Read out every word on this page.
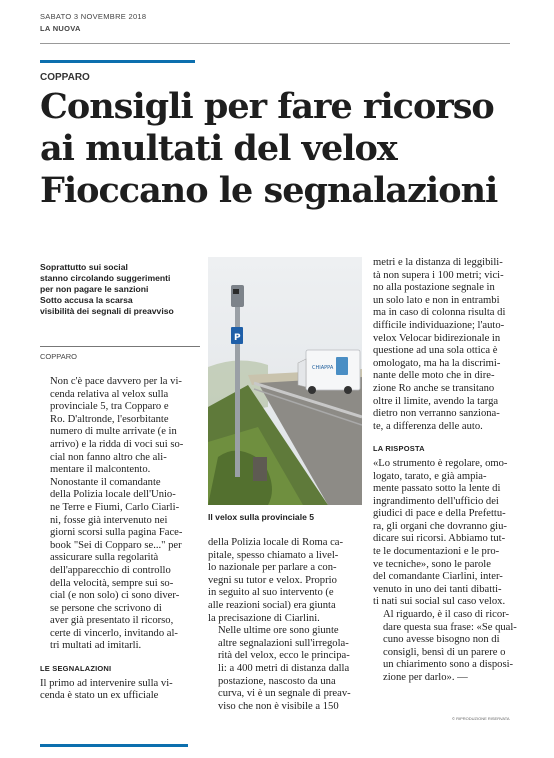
SABATO 3 NOVEMBRE 2018
LA NUOVA
COPPARO
Consigli per fare ricorso
ai multati del velox
Fioccano le segnalazioni
Soprattutto sui social
stanno circolando suggerimenti
per non pagare le sanzioni
Sotto accusa la scarsa
visibilità dei segnali di preavviso
COPPARO

Non c'è pace davvero per la vi-
cenda relativa al velox sulla
provinciale 5, tra Copparo e
Ro. D'altronde, l'esorbitante
numero di multe arrivate (e in
arrivo) e la ridda di voci sui so-
cial non fanno altro che ali-
mentare il malcontento.

Nonostante il comandante
della Polizia locale dell'Unio-
ne Terre e Fiumi, Carlo Ciarli-
ni, fosse già intervenuto nei
giorni scorsi sulla pagina Face-
book "Sei di Copparo se..." per
assicurare sulla regolarità
dell'apparecchio di controllo
della velocità, sempre sui so-
cial (e non solo) ci sono diver-
se persone che scrivono di
aver già presentato il ricorso,
certe di vincerlo, invitando al-
tri multati ad imitarli.

LE SEGNALAZIONI

Il primo ad intervenire sulla vi-
cenda è stato un ex ufficiale

CHIAPPA
P
Il velox sulla provinciale 5

della Polizia locale di Roma ca-
pitale, spesso chiamato a livel-
lo nazionale per parlare a con-
vegni su tutor e velox. Proprio
in seguito al suo intervento (e
alle reazioni social) era giunta
la precisazione di Ciarlini.

Nelle ultime ore sono giunte
altre segnalazioni sull'irregola-
rità del velox, ecco le principa-
li: a 400 metri di distanza dalla
postazione, nascosto da una
curva, vi è un segnale di preav-
viso che non è visibile a 150

metri e la distanza di leggibili-
tà non supera i 100 metri; vici-
no alla postazione segnale in
un solo lato e non in entrambi
ma in caso di colonna risulta di
difficile individuazione; l'auto-
velox Velocar bidirezionale in
questione ad una sola ottica è
omologato, ma ha la discrimi-
nante delle moto che in dire-
zione Ro anche se transitano
oltre il limite, avendo la targa
dietro non verranno sanziona-
te, a differenza delle auto.

LA RISPOSTA

«Lo strumento è regolare, omo-
logato, tarato, e già ampia-
mente passato sotto la lente di
ingrandimento dell'ufficio dei
giudici di pace e della Prefettu-
ra, gli organi che dovranno giu-
dicare sui ricorsi. Abbiamo tut-
te le documentazioni e le pro-
ve tecniche», sono le parole
del comandante Ciarlini, inter-
venuto in uno dei tanti dibatti-
ti nati sui social sul caso velox.

Al riguardo, è il caso di ricor-
dare questa sua frase: «Se qual-
cuno avesse bisogno non di
consigli, bensì di un parere o
un chiarimento sono a disposi-
zione per darlo». —

© RIPRODUZIONE RISERVATA
